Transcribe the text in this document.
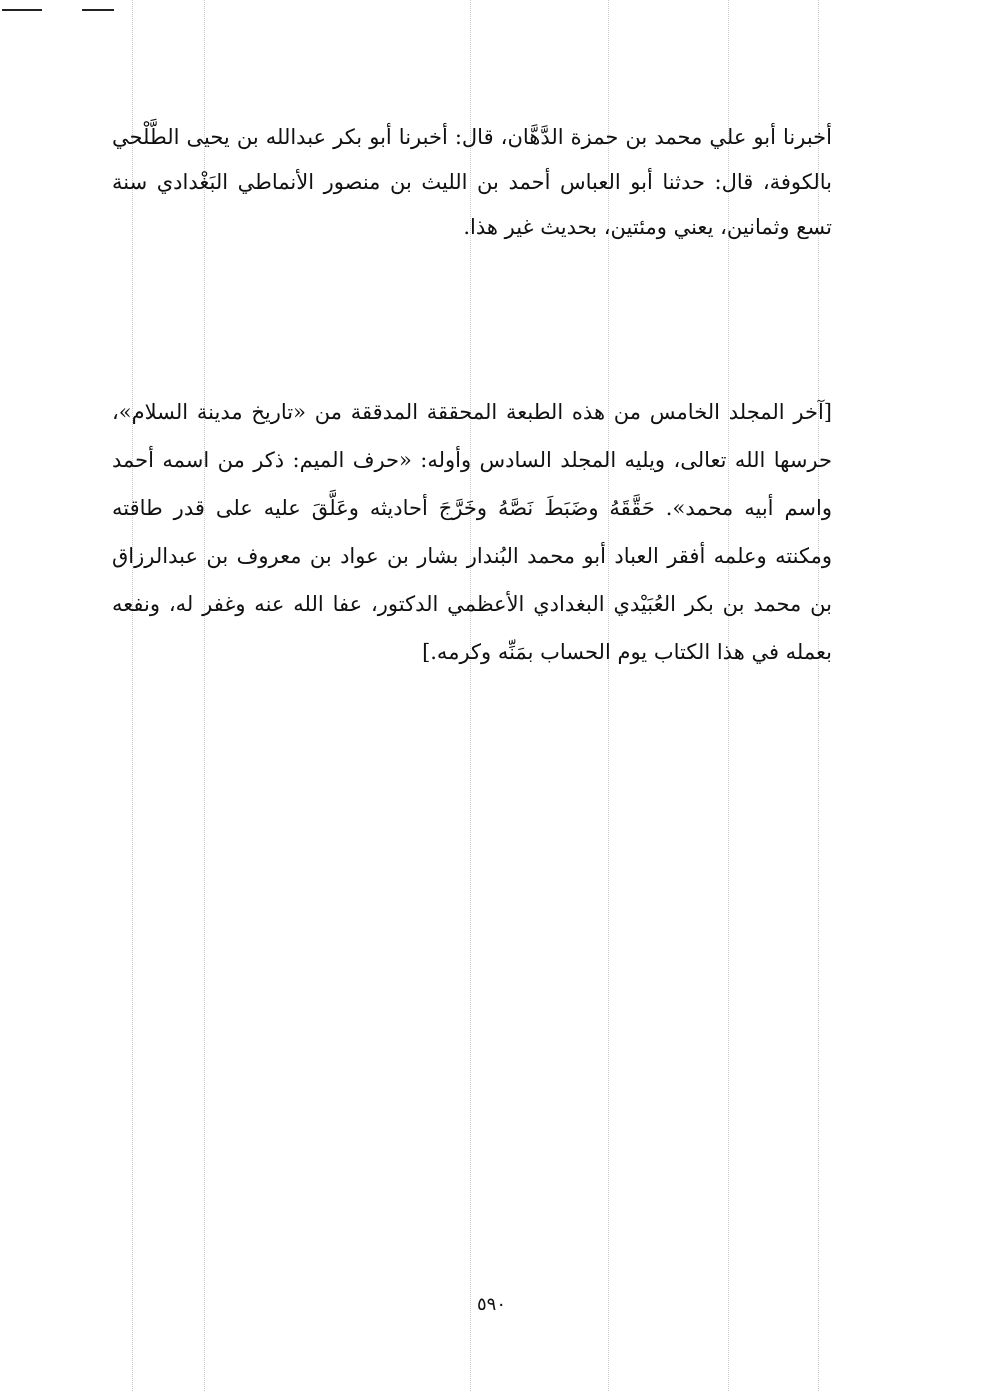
أخبرنا أبو علي محمد بن حمزة الدَّهَّان، قال: أخبرنا أبو بكر عبدالله بن يحيى الطَّلْحي بالكوفة، قال: حدثنا أبو العباس أحمد بن الليث بن منصور الأنماطي البَغْدادي سنة تسع وثمانين، يعني ومئتين، بحديث غير هذا.

[آخر المجلد الخامس من هذه الطبعة المحققة المدققة من «تاريخ مدينة السلام»، حرسها الله تعالى، ويليه المجلد السادس وأوله: «حرف الميم: ذكر من اسمه أحمد واسم أبيه محمد». حَقَّقَهُ وضَبَطَ نَصَّهُ وخَرَّجَ أحاديثه وعَلَّقَ عليه على قدر طاقته ومكنته وعلمه أفقر العباد أبو محمد البُندار بشار بن عواد بن معروف بن عبدالرزاق بن محمد بن بكر العُبَيْدي البغدادي الأعظمي الدكتور، عفا الله عنه وغفر له، ونفعه بعمله في هذا الكتاب يوم الحساب بمَنِّه وكرمه.]

٥٩٠
